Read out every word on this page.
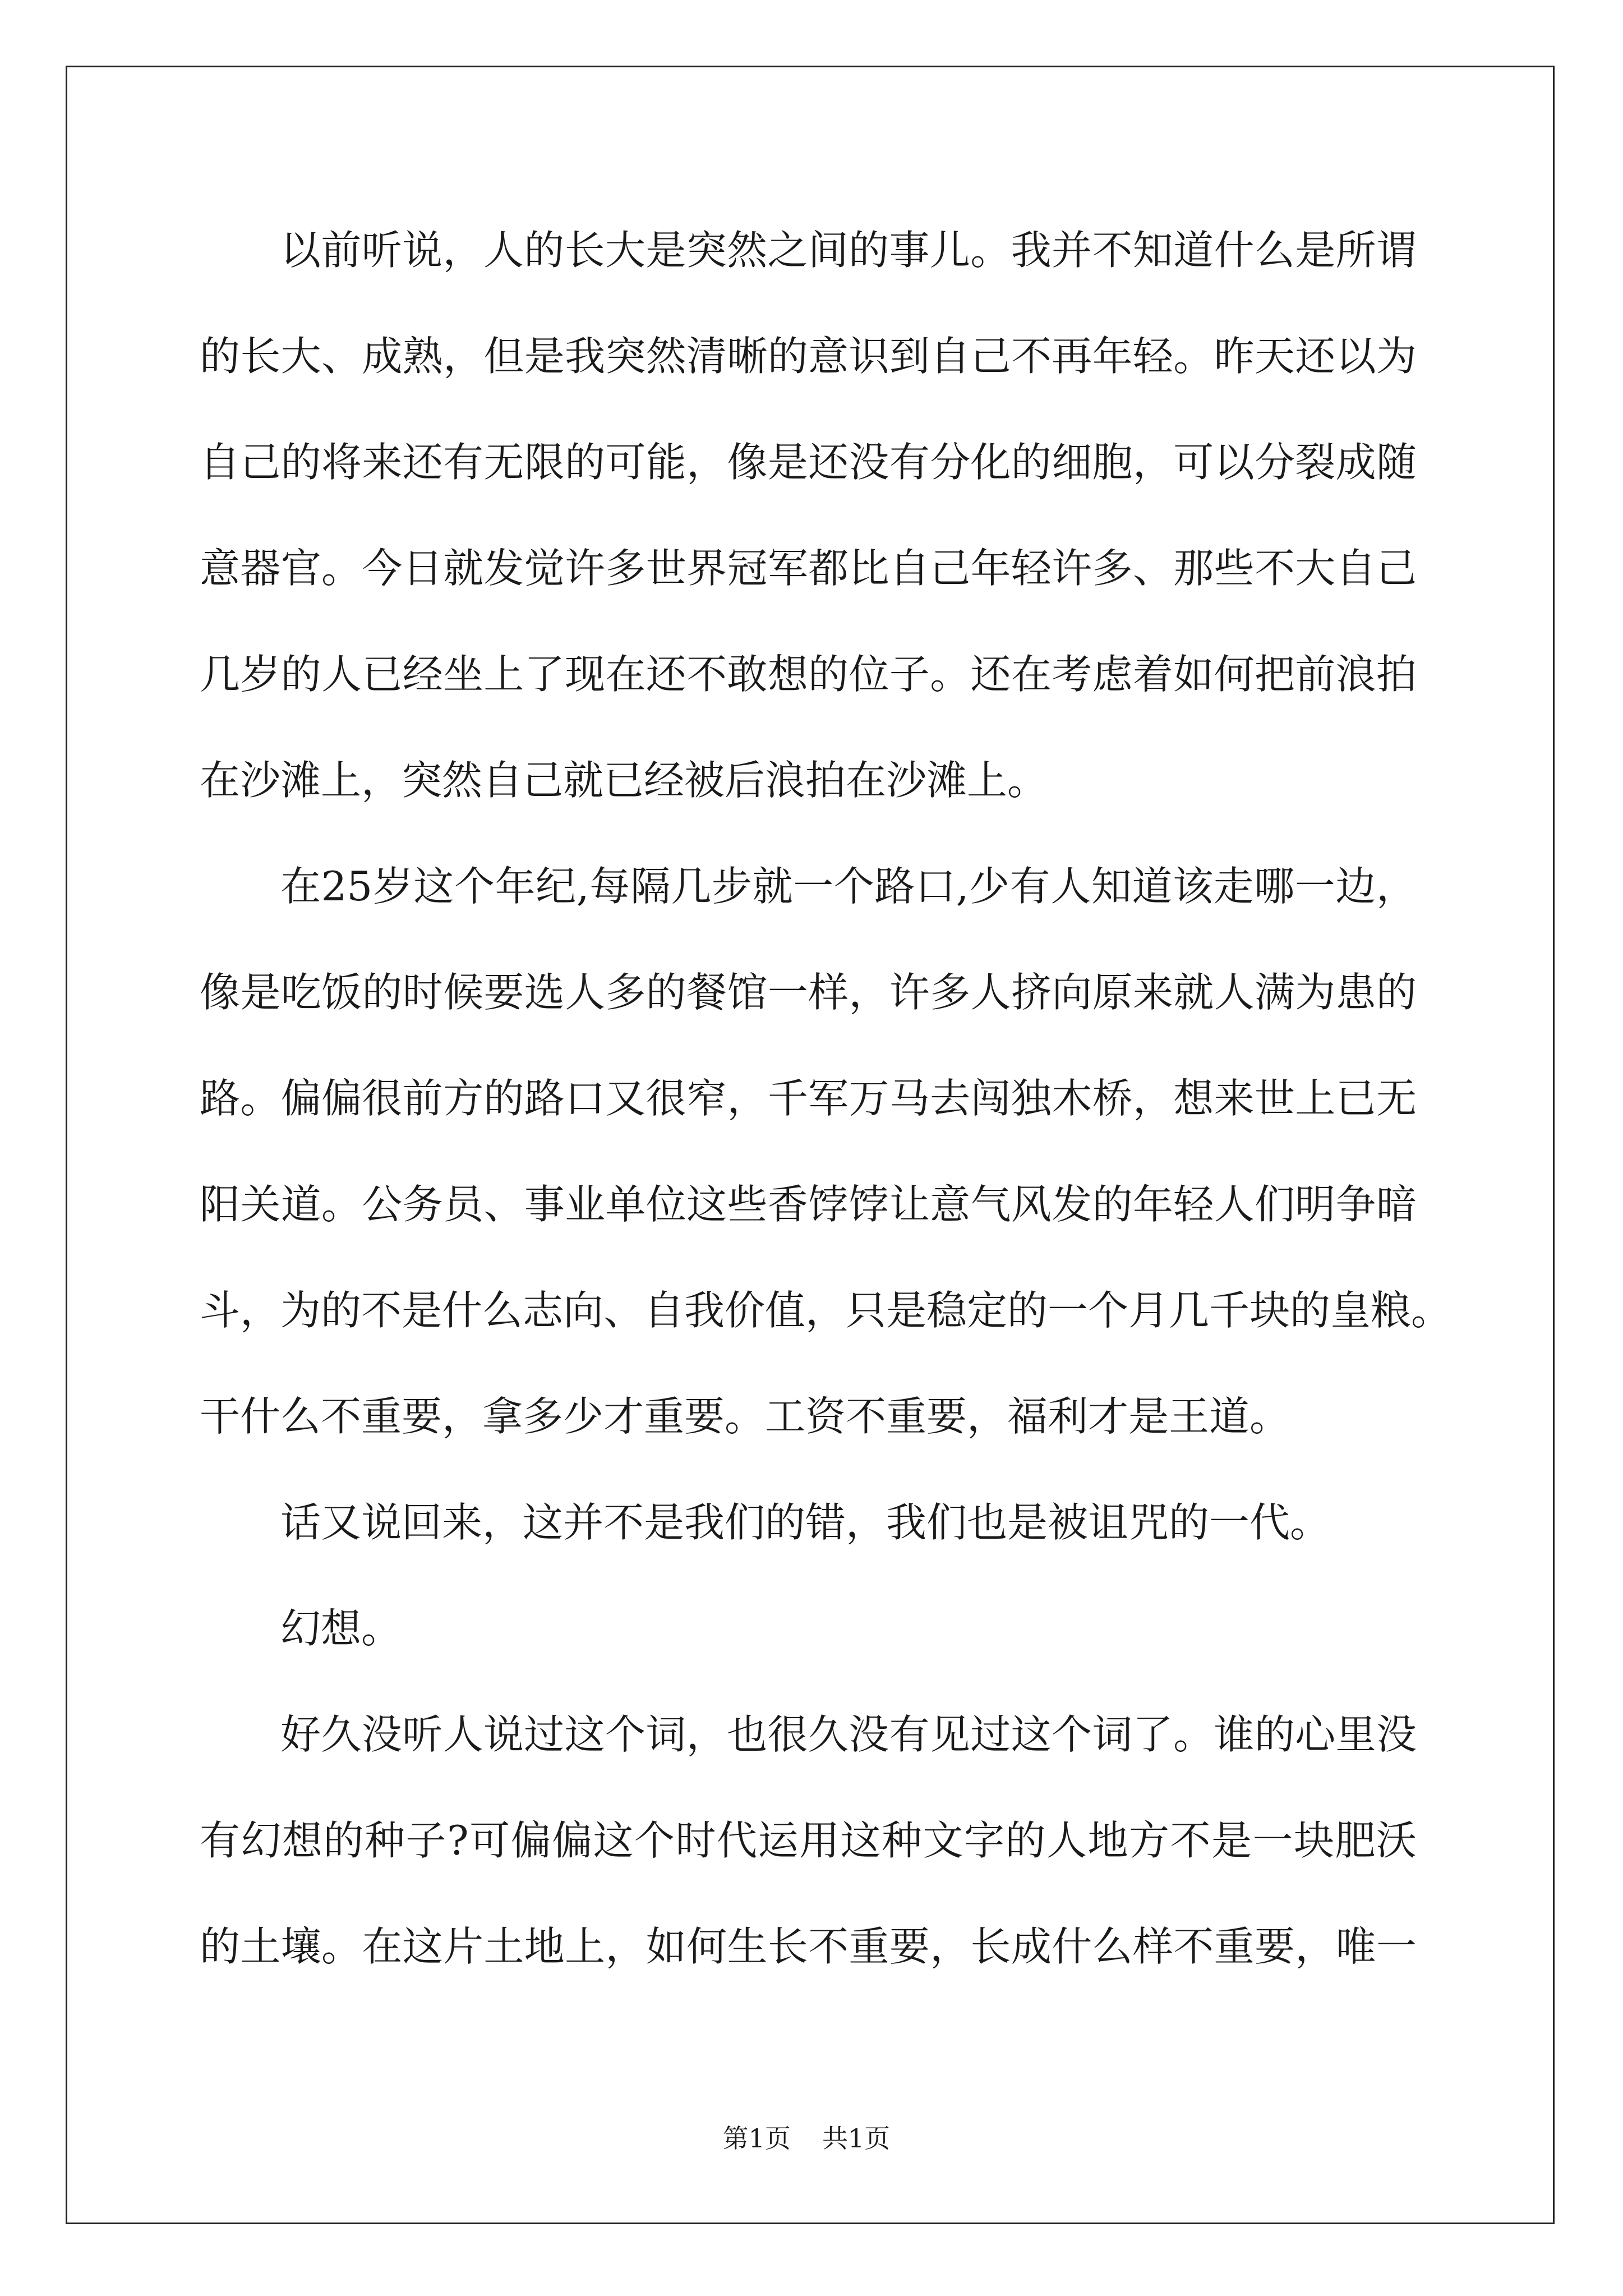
以前听说，人的长大是突然之间的事儿。我并不知道什么是所谓
的长大、成熟，但是我突然清晰的意识到自己不再年轻。昨天还以为
自己的将来还有无限的可能，像是还没有分化的细胞，可以分裂成随
意器官。今日就发觉许多世界冠军都比自己年轻许多、那些不大自己
几岁的人已经坐上了现在还不敢想的位子。还在考虑着如何把前浪拍
在沙滩上，突然自己就已经被后浪拍在沙滩上。
在25岁这个年纪,每隔几步就一个路口,少有人知道该走哪一边，
像是吃饭的时候要选人多的餐馆一样，许多人挤向原来就人满为患的
路。偏偏很前方的路口又很窄，千军万马去闯独木桥，想来世上已无
阳关道。公务员、事业单位这些香饽饽让意气风发的年轻人们明争暗
斗，为的不是什么志向、自我价值，只是稳定的一个月几千块的皇粮。
干什么不重要，拿多少才重要。工资不重要，福利才是王道。
话又说回来，这并不是我们的错，我们也是被诅咒的一代。
幻想。
好久没听人说过这个词，也很久没有见过这个词了。谁的心里没
有幻想的种子?可偏偏这个时代运用这种文字的人地方不是一块肥沃
的土壤。在这片土地上，如何生长不重要，长成什么样不重要，唯一
第1页 共1页
